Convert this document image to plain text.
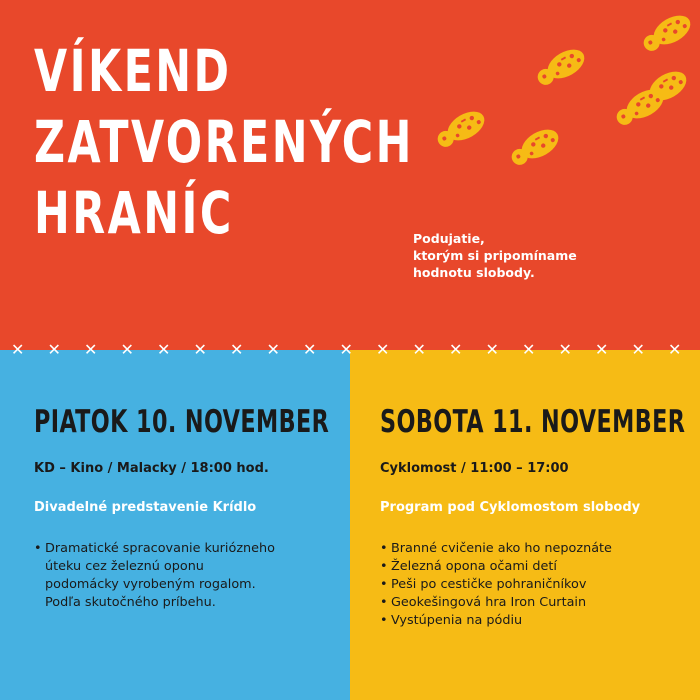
VÍKEND
ZATVORENÝCH
HRANÍC	Podujatie,
ktorým si pripomíname
hodnotu slobody.
✕ ✕ ✕ ✕ ✕ ✕ ✕ ✕ ✕ ✕ ✕ ✕ ✕ ✕ ✕ ✕ ✕ ✕ ✕
PIATOK 10. NOVEMBER
KD – Kino / Malacky / 18:00 hod.
Divadelné predstavenie Krídlo
• Dramatické spracovanie kuriózneho
úteku cez železnú oponu
podomácky vyrobeným rogalom.
Podľa skutočného príbehu.
SOBOTA 11. NOVEMBER
Cyklomost / 11:00 – 17:00
Program pod Cyklomostom slobody
• Branné cvičenie ako ho nepoznáte
• Železná opona očami detí
• Peši po cestičke pohraničníkov
• Geokešingová hra Iron Curtain
• Vystúpenia na pódiu
